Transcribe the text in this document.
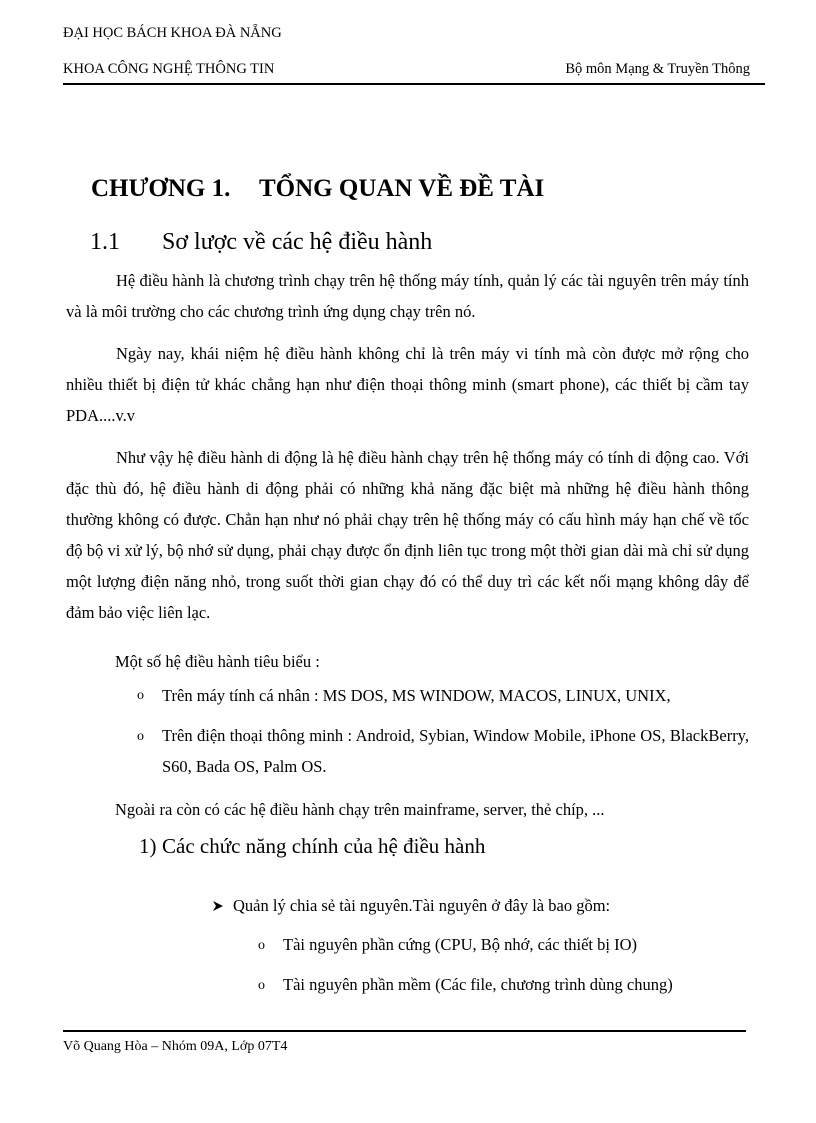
ĐẠI HỌC BÁCH KHOA ĐÀ NẴNG
KHOA CÔNG NGHỆ THÔNG TIN	Bộ môn Mạng & Truyền Thông
CHƯƠNG 1. TỔNG QUAN VỀ ĐỀ TÀI
1.1 Sơ lược về các hệ điều hành
Hệ điều hành là chương trình chạy trên hệ thống máy tính, quản lý các tài nguyên trên máy tính và là môi trường cho các chương trình ứng dụng chạy trên nó.
Ngày nay, khái niệm hệ điều hành không chỉ là trên máy vi tính mà còn được mở rộng cho nhiều thiết bị điện tử khác chẳng hạn như điện thoại thông minh (smart phone), các thiết bị cầm tay PDA....v.v
Như vậy hệ điều hành di động là hệ điều hành chạy trên hệ thống máy có tính di động cao. Với đặc thù đó, hệ điều hành di động phải có những khả năng đặc biệt mà những hệ điều hành thông thường không có được. Chẳn hạn như nó phải chạy trên hệ thống máy có cấu hình máy hạn chế về tốc độ bộ vi xử lý, bộ nhớ sử dụng, phải chạy được ổn định liên tục trong một thời gian dài mà chỉ sử dụng một lượng điện năng nhỏ, trong suốt thời gian chạy đó có thể duy trì các kết nối mạng không dây để đảm bảo việc liên lạc.
Một số hệ điều hành tiêu biểu :
o Trên máy tính cá nhân : MS DOS, MS WINDOW, MACOS, LINUX, UNIX,
o Trên điện thoại thông minh : Android, Sybian, Window Mobile, iPhone OS, BlackBerry, S60, Bada OS, Palm OS.
Ngoài ra còn có các hệ điều hành chạy trên mainframe, server, thẻ chíp, ...
1) Các chức năng chính của hệ điều hành
Quản lý chia sẻ tài nguyên.Tài nguyên ở đây là bao gồm:
o Tài nguyên phần cứng (CPU, Bộ nhớ, các thiết bị IO)
o Tài nguyên phần mềm (Các file, chương trình dùng chung)
Võ Quang Hòa – Nhóm 09A, Lớp 07T4
